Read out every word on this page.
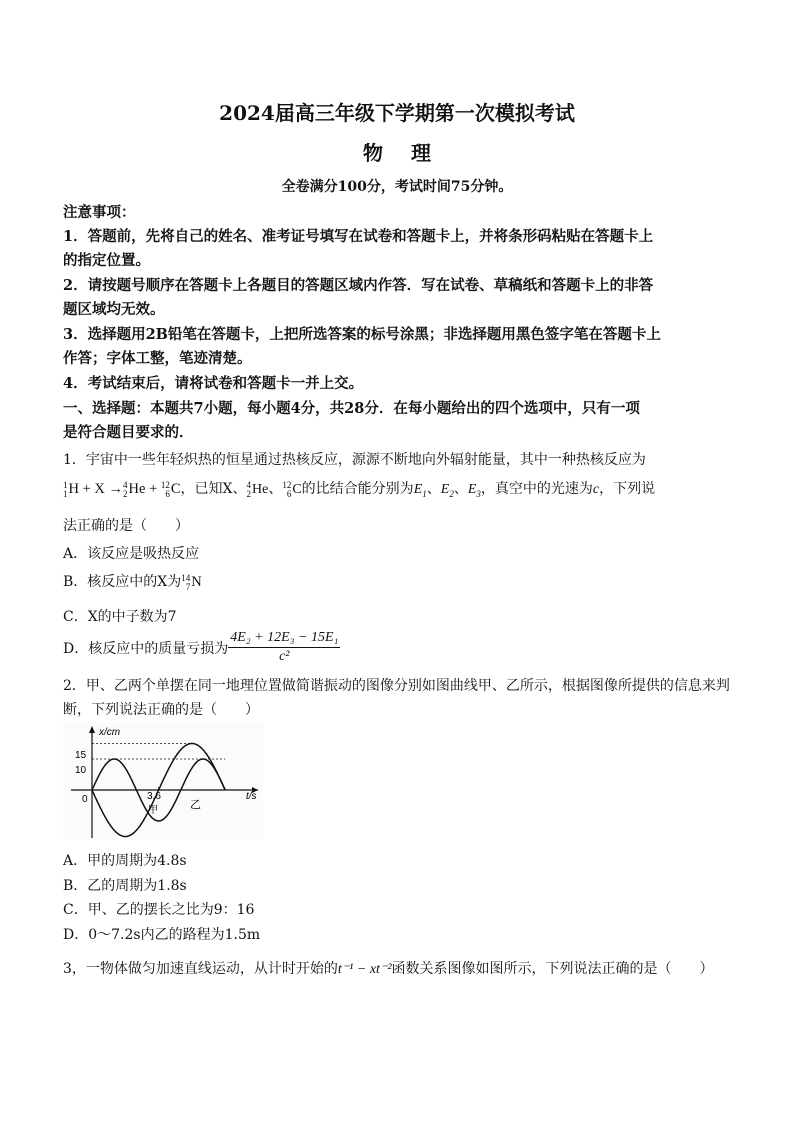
2024届高三年级下学期第一次模拟考试
物 理
全卷满分100分，考试时间75分钟。
注意事项：
1．答题前，先将自己的姓名、准考证号填写在试卷和答题卡上，并将条形码粘贴在答题卡上
的指定位置。
2．请按题号顺序在答题卡上各题目的答题区域内作答．写在试卷、草稿纸和答题卡上的非答
题区域均无效。
3．选择题用2B铅笔在答题卡，上把所选答案的标号涂黑；非选择题用黑色签字笔在答题卡上
作答；字体工整，笔迹清楚。
4．考试结束后，请将试卷和答题卡一并上交。
一、选择题：本题共7小题，每小题4分，共28分．在每小题给出的四个选项中，只有一项
是符合题目要求的．
1．宇宙中一些年轻炽热的恒星通过热核反应，源源不断地向外辐射能量，其中一种热核反应为
1
1 H + X → 4
2 He + 12
6 C，已知X、 4
2 He、 12
6 C的比结合能分别为$E_1$、$E_2$、$E_3$，真空中的光速为c，下列说
法正确的是（　　）
A．该反应是吸热反应
B．核反应中的X为 14
7 N
C．X的中子数为7
D．核反应中的质量亏损为 $\frac{\text{4E₂ + 12E₃ − 15E₁}}{\text{c²}}$
2．甲、乙两个单摆在同一地理位置做简谐振动的图像分别如图曲线甲、乙所示，根据图像所提供的信息来判
断，下列说法正确的是（　　）
x/cm
15
10
0	3.6
甲	乙
t/s
A．甲的周期为4.8s
B．乙的周期为1.8s
C．甲、乙的摆长之比为9：16
D．0～7.2s内乙的路程为1.5m
3，一物体做匀加速直线运动，从计时开始的t⁻¹ − xt⁻²函数关系图像如图所示，下列说法正确的是（　　）
